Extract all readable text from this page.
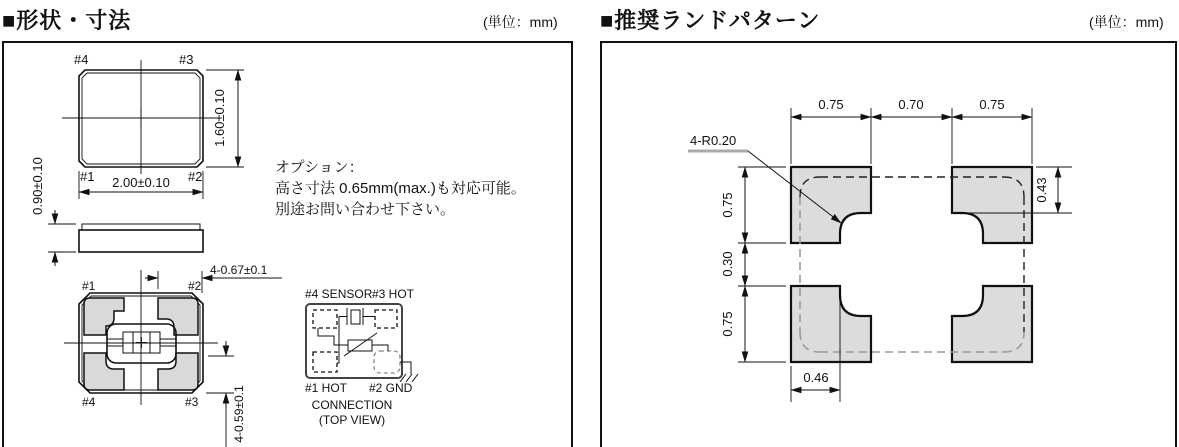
■形状・寸法	(単位：mm) ■推奨ランドパターン	(単位：mm)
オプション：
高さ寸法 0.65mm(max.)も対応可能。
別途お問い合わせ下さい。
#4	#3
#1	#2
1.60±0.10
2.00±0.10
0.90±0.10
#1	#2
#4	#3
4-0.67±0.1
4-0.59±0.1
#4 SENSOR #3 HOT
#1 HOT #2 GND
CONNECTION
(TOP VIEW)
0.75	0.70	0.75
4-R0.20
0.75
0.30
0.75
0.43
0.46
